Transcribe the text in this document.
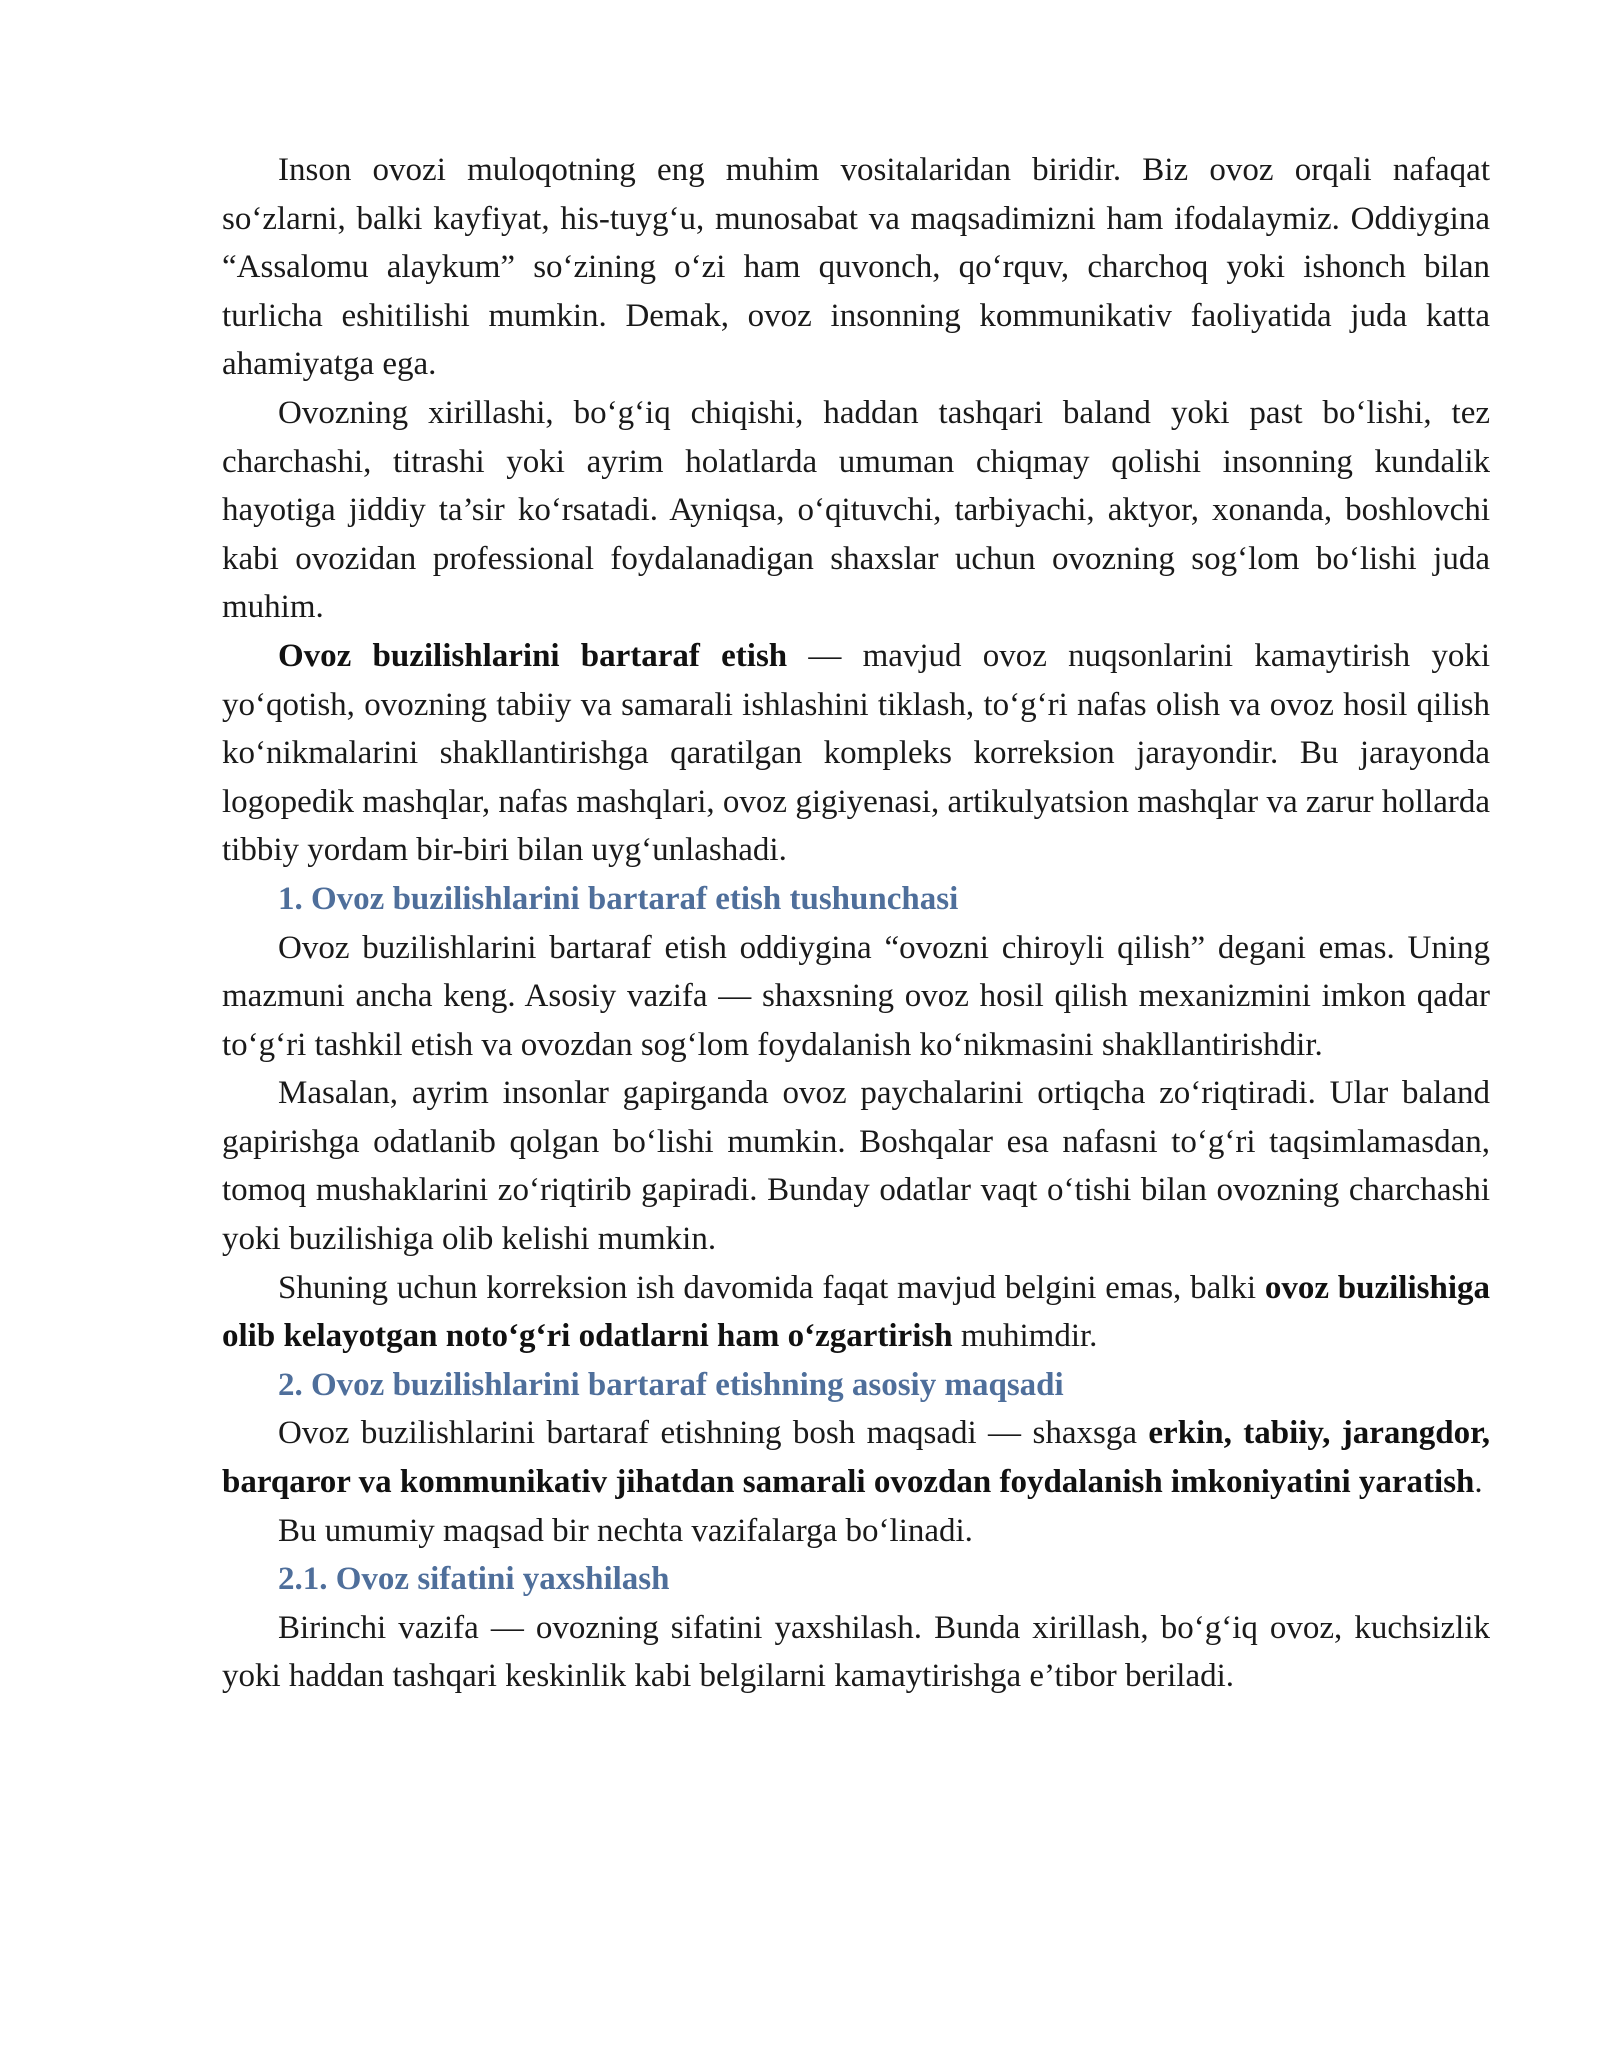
Inson ovozi muloqotning eng muhim vositalaridan biridir. Biz ovoz orqali nafaqat so‘zlarni, balki kayfiyat, his-tuyg‘u, munosabat va maqsadimizni ham ifodalaymiz. Oddiygina “Assalomu alaykum” so‘zining o‘zi ham quvonch, qo‘rquv, charchoq yoki ishonch bilan turlicha eshitilishi mumkin. Demak, ovoz insonning kommunikativ faoliyatida juda katta ahamiyatga ega.

Ovozning xirillashi, bo‘g‘iq chiqishi, haddan tashqari baland yoki past bo‘lishi, tez charchashi, titrashi yoki ayrim holatlarda umuman chiqmay qolishi insonning kundalik hayotiga jiddiy ta’sir ko‘rsatadi. Ayniqsa, o‘qituvchi, tarbiyachi, aktyor, xonanda, boshlovchi kabi ovozidan professional foydalanadigan shaxslar uchun ovozning sog‘lom bo‘lishi juda muhim.

Ovoz buzilishlarini bartaraf etish — mavjud ovoz nuqsonlarini kamaytirish yoki yo‘qotish, ovozning tabiiy va samarali ishlashini tiklash, to‘g‘ri nafas olish va ovoz hosil qilish ko‘nikmalarini shakllantirishga qaratilgan kompleks korreksion jarayondir. Bu jarayonda logopedik mashqlar, nafas mashqlari, ovoz gigiyenasi, artikulyatsion mashqlar va zarur hollarda tibbiy yordam bir-biri bilan uyg‘unlashadi.

1. Ovoz buzilishlarini bartaraf etish tushunchasi

Ovoz buzilishlarini bartaraf etish oddiygina “ovozni chiroyli qilish” degani emas. Uning mazmuni ancha keng. Asosiy vazifa — shaxsning ovoz hosil qilish mexanizmini imkon qadar to‘g‘ri tashkil etish va ovozdan sog‘lom foydalanish ko‘nikmasini shakllantirishdir.

Masalan, ayrim insonlar gapirganda ovoz paychalarini ortiqcha zo‘riqtiradi. Ular baland gapirishga odatlanib qolgan bo‘lishi mumkin. Boshqalar esa nafasni to‘g‘ri taqsimlamasdan, tomoq mushaklarini zo‘riqtirib gapiradi. Bunday odatlar vaqt o‘tishi bilan ovozning charchashi yoki buzilishiga olib kelishi mumkin.

Shuning uchun korreksion ish davomida faqat mavjud belgini emas, balki ovoz buzilishiga olib kelayotgan noto‘g‘ri odatlarni ham o‘zgartirish muhimdir.

2. Ovoz buzilishlarini bartaraf etishning asosiy maqsadi

Ovoz buzilishlarini bartaraf etishning bosh maqsadi — shaxsga erkin, tabiiy, jarangdor, barqaror va kommunikativ jihatdan samarali ovozdan foydalanish imkoniyatini yaratish.

Bu umumiy maqsad bir nechta vazifalarga bo‘linadi.

2.1. Ovoz sifatini yaxshilash

Birinchi vazifa — ovozning sifatini yaxshilash. Bunda xirillash, bo‘g‘iq ovoz, kuchsizlik yoki haddan tashqari keskinlik kabi belgilarni kamaytirishga e’tibor beriladi.
